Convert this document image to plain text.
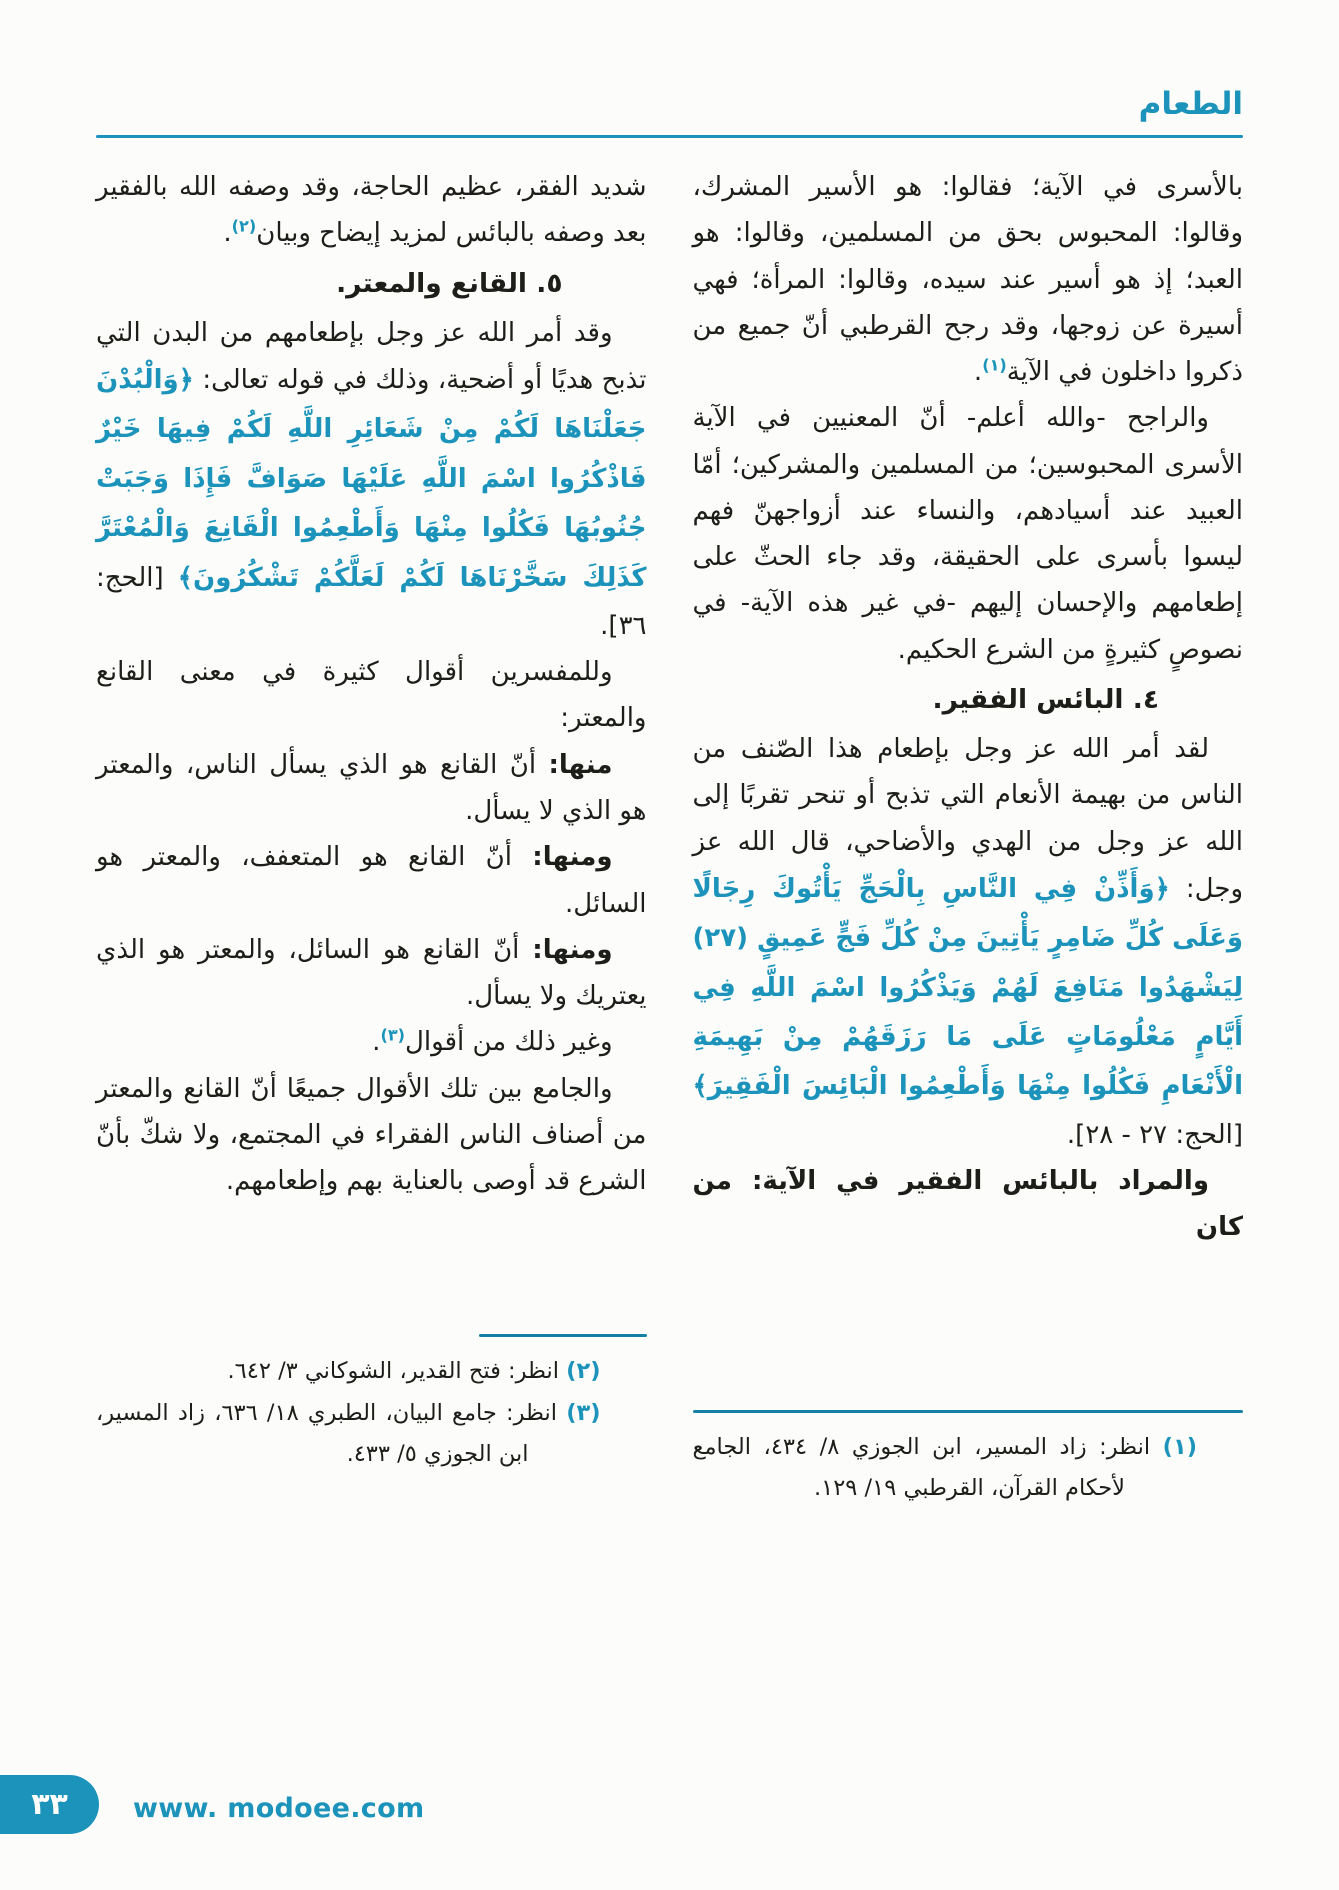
الطعام

بالأسرى في الآية؛ فقالوا: هو الأسير المشرك، وقالوا: المحبوس بحق من المسلمين، وقالوا: هو العبد؛ إذ هو أسير عند سيده، وقالوا: المرأة؛ فهي أسيرة عن زوجها، وقد رجح القرطبي أنّ جميع من ذكروا داخلون في الآية$^{(١)}$.

والراجح -والله أعلم- أنّ المعنيين في الآية الأسرى المحبوسين؛ من المسلمين والمشركين؛ أمّا العبيد عند أسيادهم، والنساء عند أزواجهنّ فهم ليسوا بأسرى على الحقيقة، وقد جاء الحثّ على إطعامهم والإحسان إليهم -في غير هذه الآية- في نصوصٍ كثيرةٍ من الشرع الحكيم.

٤. البائس الفقير.

لقد أمر الله عز وجل بإطعام هذا الصّنف من الناس من بهيمة الأنعام التي تذبح أو تنحر تقربًا إلى الله عز وجل من الهدي والأضاحي، قال الله عز وجل: ﴿وَأَذِّنْ فِي النَّاسِ بِالْحَجِّ يَأْتُوكَ رِجَالًا وَعَلَى كُلِّ ضَامِرٍ يَأْتِينَ مِنْ كُلِّ فَجٍّ عَمِيقٍ (٢٧) لِيَشْهَدُوا مَنَافِعَ لَهُمْ وَيَذْكُرُوا اسْمَ اللَّهِ فِي أَيَّامٍ مَعْلُومَاتٍ عَلَى مَا رَزَقَهُمْ مِنْ بَهِيمَةِ الْأَنْعَامِ فَكُلُوا مِنْهَا وَأَطْعِمُوا الْبَائِسَ الْفَقِيرَ﴾ [الحج: ٢٧ - ٢٨].

والمراد بالبائس الفقير في الآية: من كان

(١) انظر: زاد المسير، ابن الجوزي ٨/ ٤٣٤، الجامع لأحكام القرآن، القرطبي ١٩/ ١٢٩.

شديد الفقر، عظيم الحاجة، وقد وصفه الله بالفقير بعد وصفه بالبائس لمزيد إيضاح وبيان$^{(٢)}$.

٥. القانع والمعتر.

وقد أمر الله عز وجل بإطعامهم من البدن التي تذبح هديًا أو أضحية، وذلك في قوله تعالى: ﴿وَالْبُدْنَ جَعَلْنَاهَا لَكُمْ مِنْ شَعَائِرِ اللَّهِ لَكُمْ فِيهَا خَيْرٌ فَاذْكُرُوا اسْمَ اللَّهِ عَلَيْهَا صَوَافَّ فَإِذَا وَجَبَتْ جُنُوبُهَا فَكُلُوا مِنْهَا وَأَطْعِمُوا الْقَانِعَ وَالْمُعْتَرَّ كَذَلِكَ سَخَّرْنَاهَا لَكُمْ لَعَلَّكُمْ تَشْكُرُونَ﴾ [الحج: ٣٦].

وللمفسرين أقوال كثيرة في معنى القانع والمعتر:

منها: أنّ القانع هو الذي يسأل الناس، والمعتر هو الذي لا يسأل.

ومنها: أنّ القانع هو المتعفف، والمعتر هو السائل.

ومنها: أنّ القانع هو السائل، والمعتر هو الذي يعتريك ولا يسأل.

وغير ذلك من أقوال$^{(٣)}$.

والجامع بين تلك الأقوال جميعًا أنّ القانع والمعتر من أصناف الناس الفقراء في المجتمع، ولا شكّ بأنّ الشرع قد أوصى بالعناية بهم وإطعامهم.

(٢) انظر: فتح القدير، الشوكاني ٣/ ٦٤٢.

(٣) انظر: جامع البيان، الطبري ١٨/ ٦٣٦، زاد المسير، ابن الجوزي ٥/ ٤٣٣.

٣٣ www. modoee.com
